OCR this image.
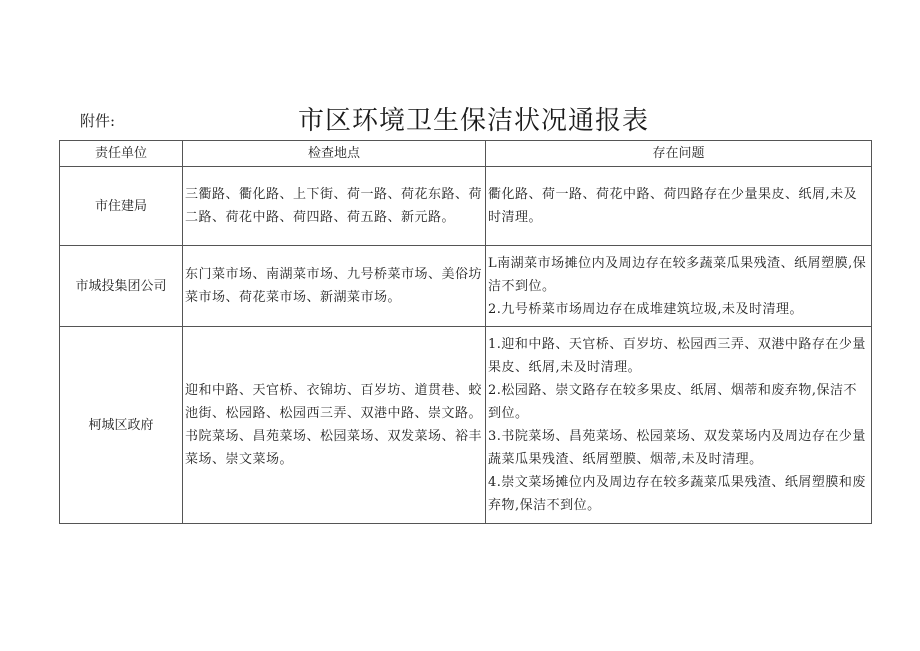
附件:	市区环境卫生保洁状况通报表
责任单位	检查地点	存在问题
市住建局	三衢路、衢化路、上下街、荷一路、荷花东路、荷二路、荷花中路、荷四路、荷五路、新元路。	衢化路、荷一路、荷花中路、荷四路存在少量果皮、纸屑,未及时清理。

市城投集团公司	东门菜市场、南湖菜市场、九号桥菜市场、美俗坊菜市场、荷花菜市场、新湖菜市场。	L南湖菜市场摊位内及周边存在较多蔬菜瓜果残渣、纸屑塑膜,保洁不到位。

2.九号桥菜市场周边存在成堆建筑垃圾,未及时清理。

柯城区政府	迎和中路、天官桥、衣锦坊、百岁坊、道贯巷、蛟池街、松园路、松园西三弄、双港中路、崇文路。书院菜场、昌苑菜场、松园菜场、双发菜场、裕丰菜场、崇文菜场。	1.迎和中路、天官桥、百岁坊、松园西三弄、双港中路存在少量果皮、纸屑,未及时清理。

2.松园路、崇文路存在较多果皮、纸屑、烟蒂和废弃物,保洁不到位。

3.书院菜场、昌苑菜场、松园菜场、双发菜场内及周边存在少量蔬菜瓜果残渣、纸屑塑膜、烟蒂,未及时清理。

4.崇文菜场摊位内及周边存在较多蔬菜瓜果残渣、纸屑塑膜和废弃物,保洁不到位。
